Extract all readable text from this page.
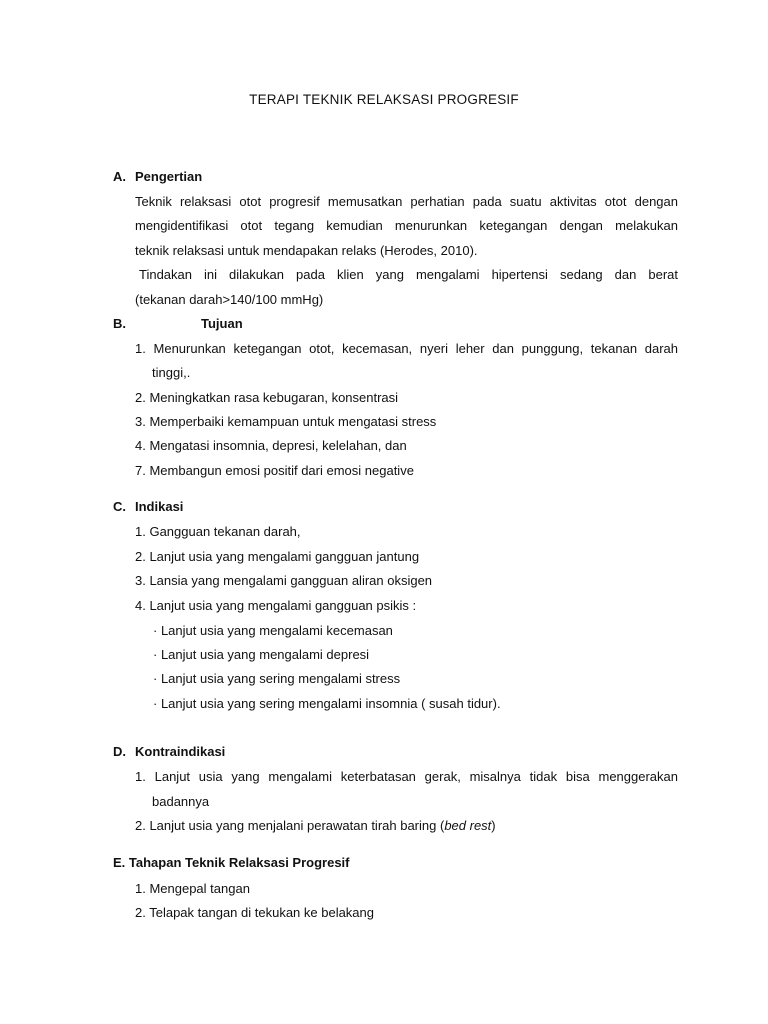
TERAPI TEKNIK RELAKSASI PROGRESIF
A. Pengertian
Teknik relaksasi otot progresif memusatkan perhatian pada suatu aktivitas otot dengan
mengidentifikasi otot tegang kemudian menurunkan ketegangan dengan melakukan
teknik relaksasi untuk mendapakan relaks (Herodes, 2010).
Tindakan ini dilakukan pada klien yang mengalami hipertensi sedang dan berat
(tekanan darah>140/100 mmHg)
B.	Tujuan
1. Menurunkan ketegangan otot, kecemasan, nyeri leher dan punggung, tekanan darah
tinggi,.
2. Meningkatkan rasa kebugaran, konsentrasi
3. Memperbaiki kemampuan untuk mengatasi stress
4. Mengatasi insomnia, depresi, kelelahan, dan
7. Membangun emosi positif dari emosi negative
C. Indikasi
1. Gangguan tekanan darah,
2. Lanjut usia yang mengalami gangguan jantung
3. Lansia yang mengalami gangguan aliran oksigen
4. Lanjut usia yang mengalami gangguan psikis :
· Lanjut usia yang mengalami kecemasan
· Lanjut usia yang mengalami depresi
· Lanjut usia yang sering mengalami stress
· Lanjut usia yang sering mengalami insomnia ( susah tidur).
D. Kontraindikasi
1. Lanjut usia yang mengalami keterbatasan gerak, misalnya tidak bisa menggerakan
badannya
2. Lanjut usia yang menjalani perawatan tirah baring (bed rest)
E. Tahapan Teknik Relaksasi Progresif
1. Mengepal tangan
2. Telapak tangan di tekukan ke belakang
